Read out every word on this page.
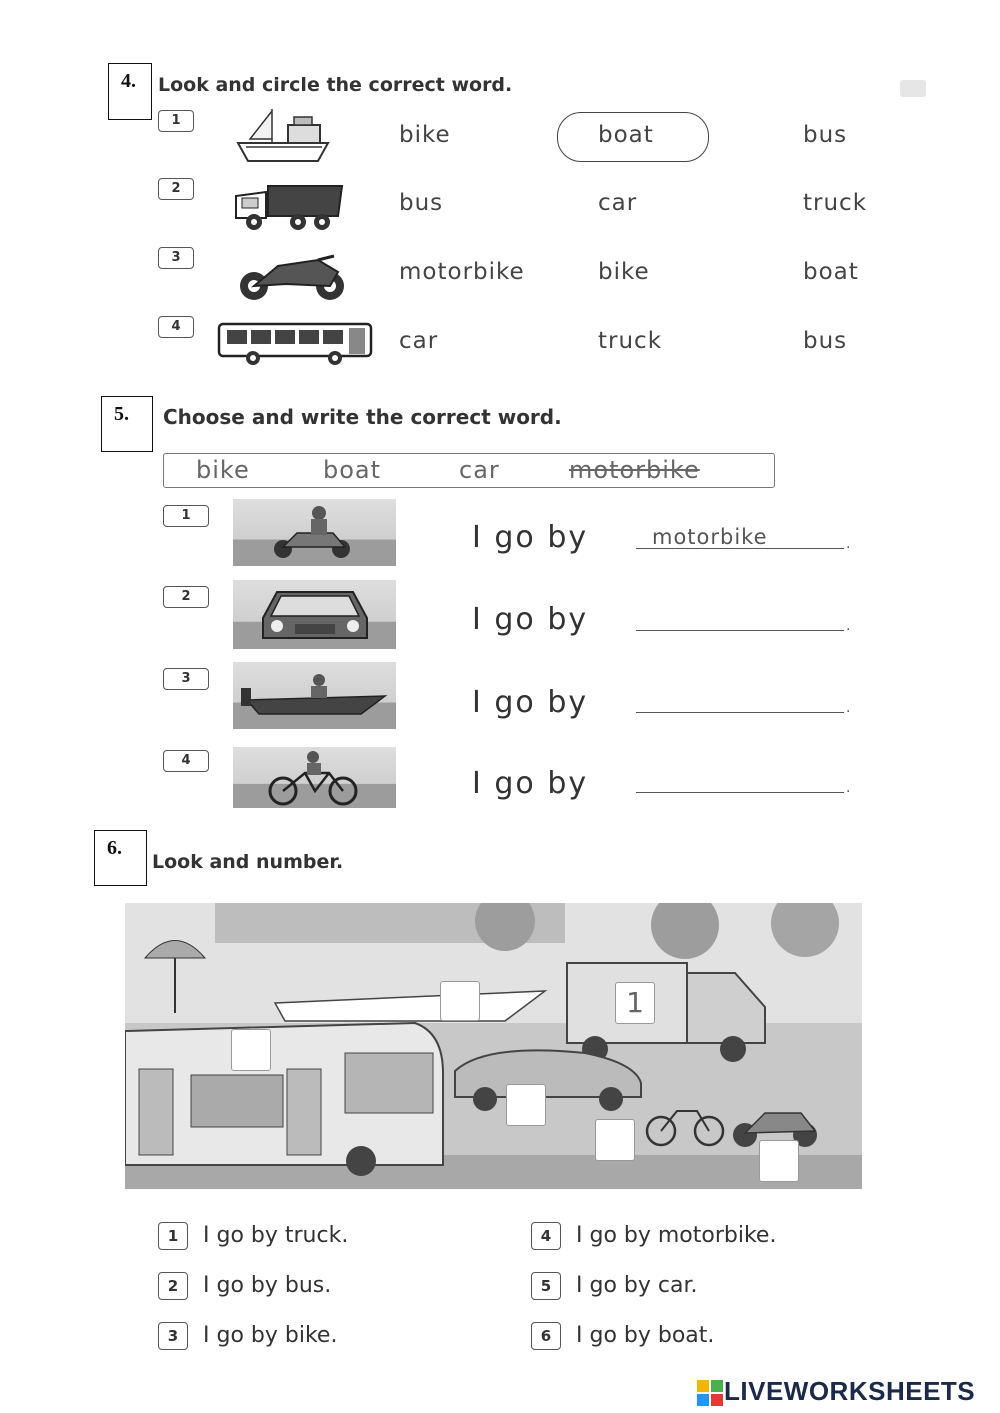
4.	Look and circle the correct word.
1
bike	boat	bus
2
bus	car	truck
3
motorbike	bike	boat
4
car	truck	bus
5.	Choose and write the correct word.
bike	boat	car	motorbike
1
I go by	motorbike	.
2
I go by	.
3
I go by	.
4
I go by	.
6.
Look and number.
1
1	I go by truck.
2	I go by bus.
3	I go by bike.
4	I go by motorbike.
5	I go by car.
6	I go by boat.
LIVEWORKSHEETS
